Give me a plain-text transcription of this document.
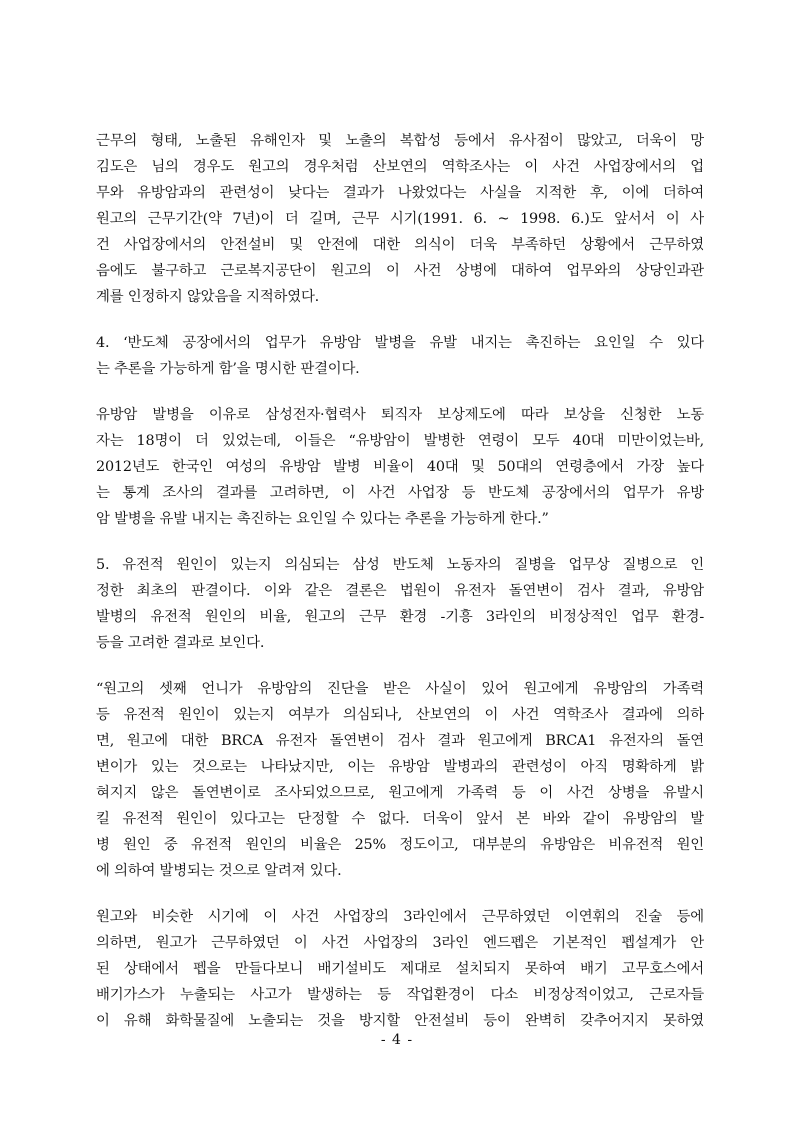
근무의 형태, 노출된 유해인자 및 노출의 복합성 등에서 유사점이 많았고, 더욱이 망
김도은 님의 경우도 원고의 경우처럼 산보연의 역학조사는 이 사건 사업장에서의 업
무와 유방암과의 관련성이 낮다는 결과가 나왔었다는 사실을 지적한 후, 이에 더하여
원고의 근무기간(약 7년)이 더 길며, 근무 시기(1991. 6. ~ 1998. 6.)도 앞서서 이 사
건 사업장에서의 안전설비 및 안전에 대한 의식이 더욱 부족하던 상황에서 근무하였
음에도 불구하고 근로복지공단이 원고의 이 사건 상병에 대하여 업무와의 상당인과관
계를 인정하지 않았음을 지적하였다.
4. ‘반도체 공장에서의 업무가 유방암 발병을 유발 내지는 촉진하는 요인일 수 있다
는 추론을 가능하게 함’을 명시한 판결이다.
유방암 발병을 이유로 삼성전자·협력사 퇴직자 보상제도에 따라 보상을 신청한 노동
자는 18명이 더 있었는데, 이들은 “유방암이 발병한 연령이 모두 40대 미만이었는바,
2012년도 한국인 여성의 유방암 발병 비율이 40대 및 50대의 연령층에서 가장 높다
는 통계 조사의 결과를 고려하면, 이 사건 사업장 등 반도체 공장에서의 업무가 유방
암 발병을 유발 내지는 촉진하는 요인일 수 있다는 추론을 가능하게 한다.”
5. 유전적 원인이 있는지 의심되는 삼성 반도체 노동자의 질병을 업무상 질병으로 인
정한 최초의 판결이다. 이와 같은 결론은 법원이 유전자 돌연변이 검사 결과, 유방암
발병의 유전적 원인의 비율, 원고의 근무 환경 -기흥 3라인의 비정상적인 업무 환경-
등을 고려한 결과로 보인다.
“원고의 셋째 언니가 유방암의 진단을 받은 사실이 있어 원고에게 유방암의 가족력
등 유전적 원인이 있는지 여부가 의심되나, 산보연의 이 사건 역학조사 결과에 의하
면, 원고에 대한 BRCA 유전자 돌연변이 검사 결과 원고에게 BRCA1 유전자의 돌연
변이가 있는 것으로는 나타났지만, 이는 유방암 발병과의 관련성이 아직 명확하게 밝
혀지지 않은 돌연변이로 조사되었으므로, 원고에게 가족력 등 이 사건 상병을 유발시
킬 유전적 원인이 있다고는 단정할 수 없다. 더욱이 앞서 본 바와 같이 유방암의 발
병 원인 중 유전적 원인의 비율은 25% 정도이고, 대부분의 유방암은 비유전적 원인
에 의하여 발병되는 것으로 알려져 있다.
원고와 비슷한 시기에 이 사건 사업장의 3라인에서 근무하였던 이연휘의 진술 등에
의하면, 원고가 근무하였던 이 사건 사업장의 3라인 엔드펩은 기본적인 펩설계가 안
된 상태에서 펩을 만들다보니 배기설비도 제대로 설치되지 못하여 배기 고무호스에서
배기가스가 누출되는 사고가 발생하는 등 작업환경이 다소 비정상적이었고, 근로자들
이 유해 화학물질에 노출되는 것을 방지할 안전설비 등이 완벽히 갖추어지지 못하였
- 4 -
